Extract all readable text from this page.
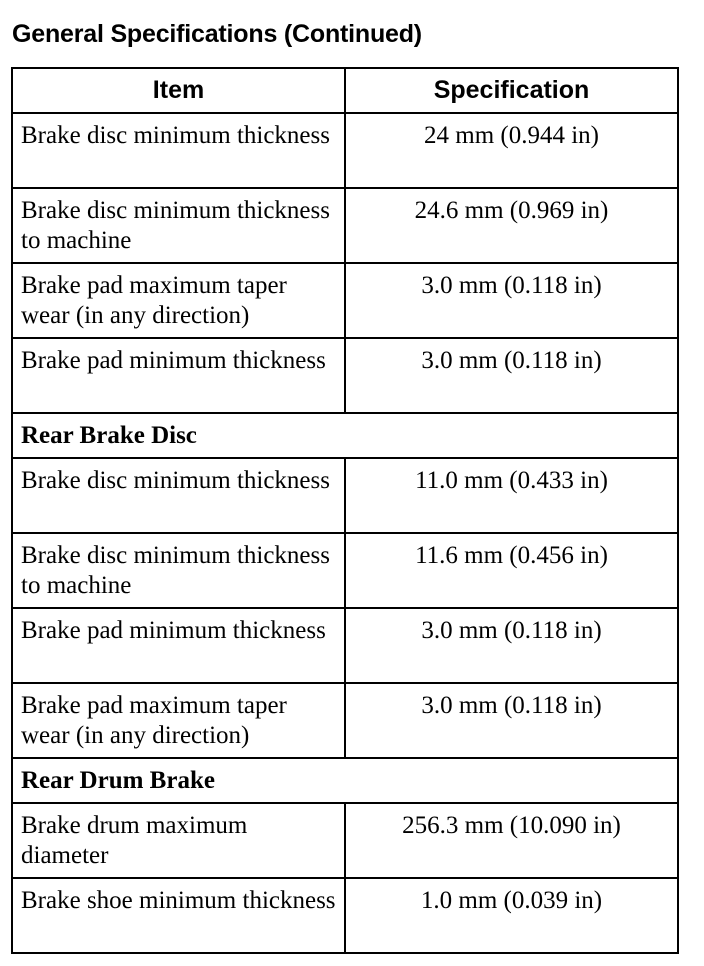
General Specifications (Continued)
Item	Specification
Brake disc minimum thickness	24 mm (0.944 in)
Brake disc minimum thickness to machine	24.6 mm (0.969 in)
Brake pad maximum taper wear (in any direction)	3.0 mm (0.118 in)
Brake pad minimum thickness	3.0 mm (0.118 in)
Rear Brake Disc	
Brake disc minimum thickness	11.0 mm (0.433 in)
Brake disc minimum thickness to machine	11.6 mm (0.456 in)
Brake pad minimum thickness	3.0 mm (0.118 in)
Brake pad maximum taper wear (in any direction)	3.0 mm (0.118 in)
Rear Drum Brake	
Brake drum maximum diameter	256.3 mm (10.090 in)
Brake shoe minimum thickness	1.0 mm (0.039 in)
